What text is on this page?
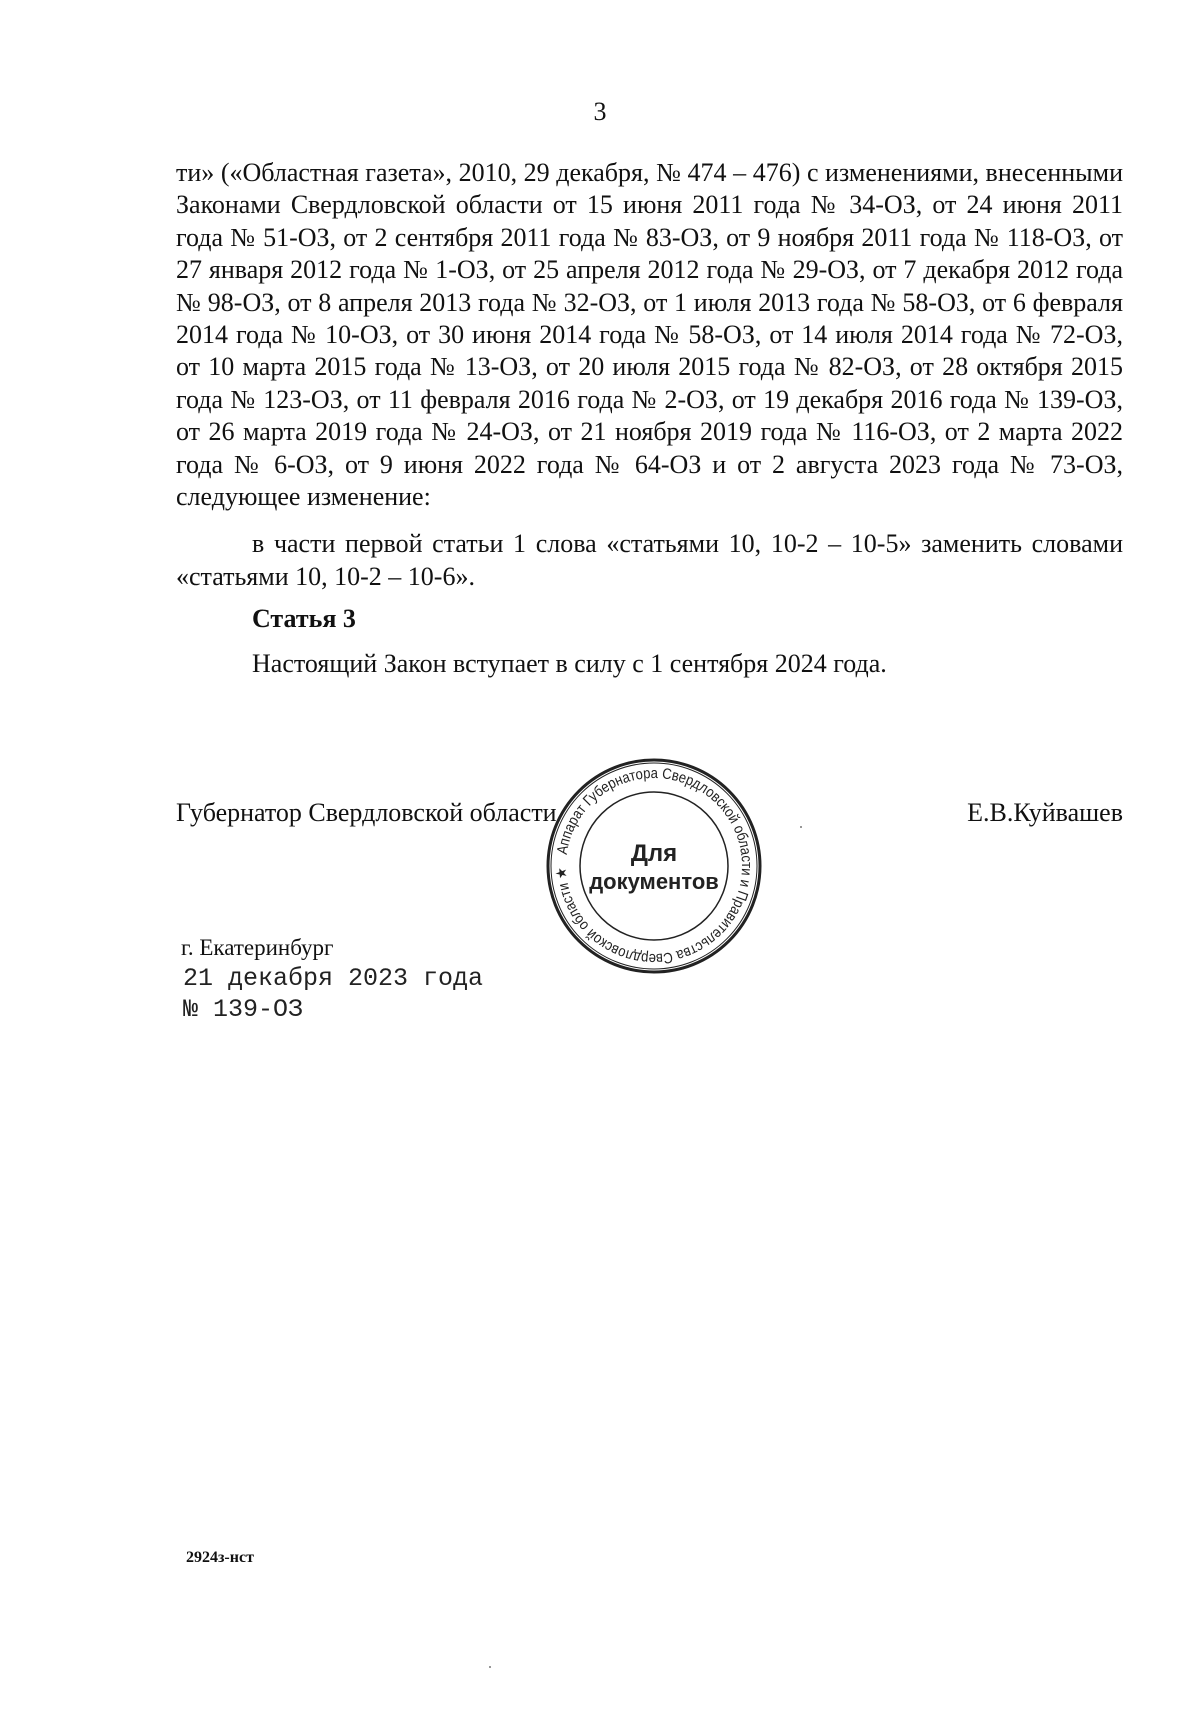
3

ти» («Областная газета», 2010, 29 декабря, № 474 – 476) с изменениями, внесенными Законами Свердловской области от 15 июня 2011 года № 34-ОЗ, от 24 июня 2011 года № 51-ОЗ, от 2 сентября 2011 года № 83-ОЗ, от 9 ноября 2011 года № 118-ОЗ, от 27 января 2012 года № 1-ОЗ, от 25 апреля 2012 года № 29-ОЗ, от 7 декабря 2012 года № 98-ОЗ, от 8 апреля 2013 года № 32-ОЗ, от 1 июля 2013 года № 58-ОЗ, от 6 февраля 2014 года № 10-ОЗ, от 30 июня 2014 года № 58-ОЗ, от 14 июля 2014 года № 72-ОЗ, от 10 марта 2015 года № 13-ОЗ, от 20 июля 2015 года № 82-ОЗ, от 28 октября 2015 года № 123-ОЗ, от 11 февраля 2016 года № 2-ОЗ, от 19 декабря 2016 года № 139-ОЗ, от 26 марта 2019 года № 24-ОЗ, от 21 ноября 2019 года № 116-ОЗ, от 2 марта 2022 года № 6-ОЗ, от 9 июня 2022 года № 64-ОЗ и от 2 августа 2023 года № 73-ОЗ, следующее изменение:

в части первой статьи 1 слова «статьями 10, 10-2 – 10-5» заменить словами «статьями 10, 10-2 – 10-6».

Статья 3

Настоящий Закон вступает в силу с 1 сентября 2024 года.

Губернатор Свердловской области	Е.В.Куйвашев
Аппарат Губернатора Свердловской области и Правительства Свердловской области ★
Для
документов
г. Екатеринбург
21 декабря 2023 года
№ 139-ОЗ
2924з-нст
